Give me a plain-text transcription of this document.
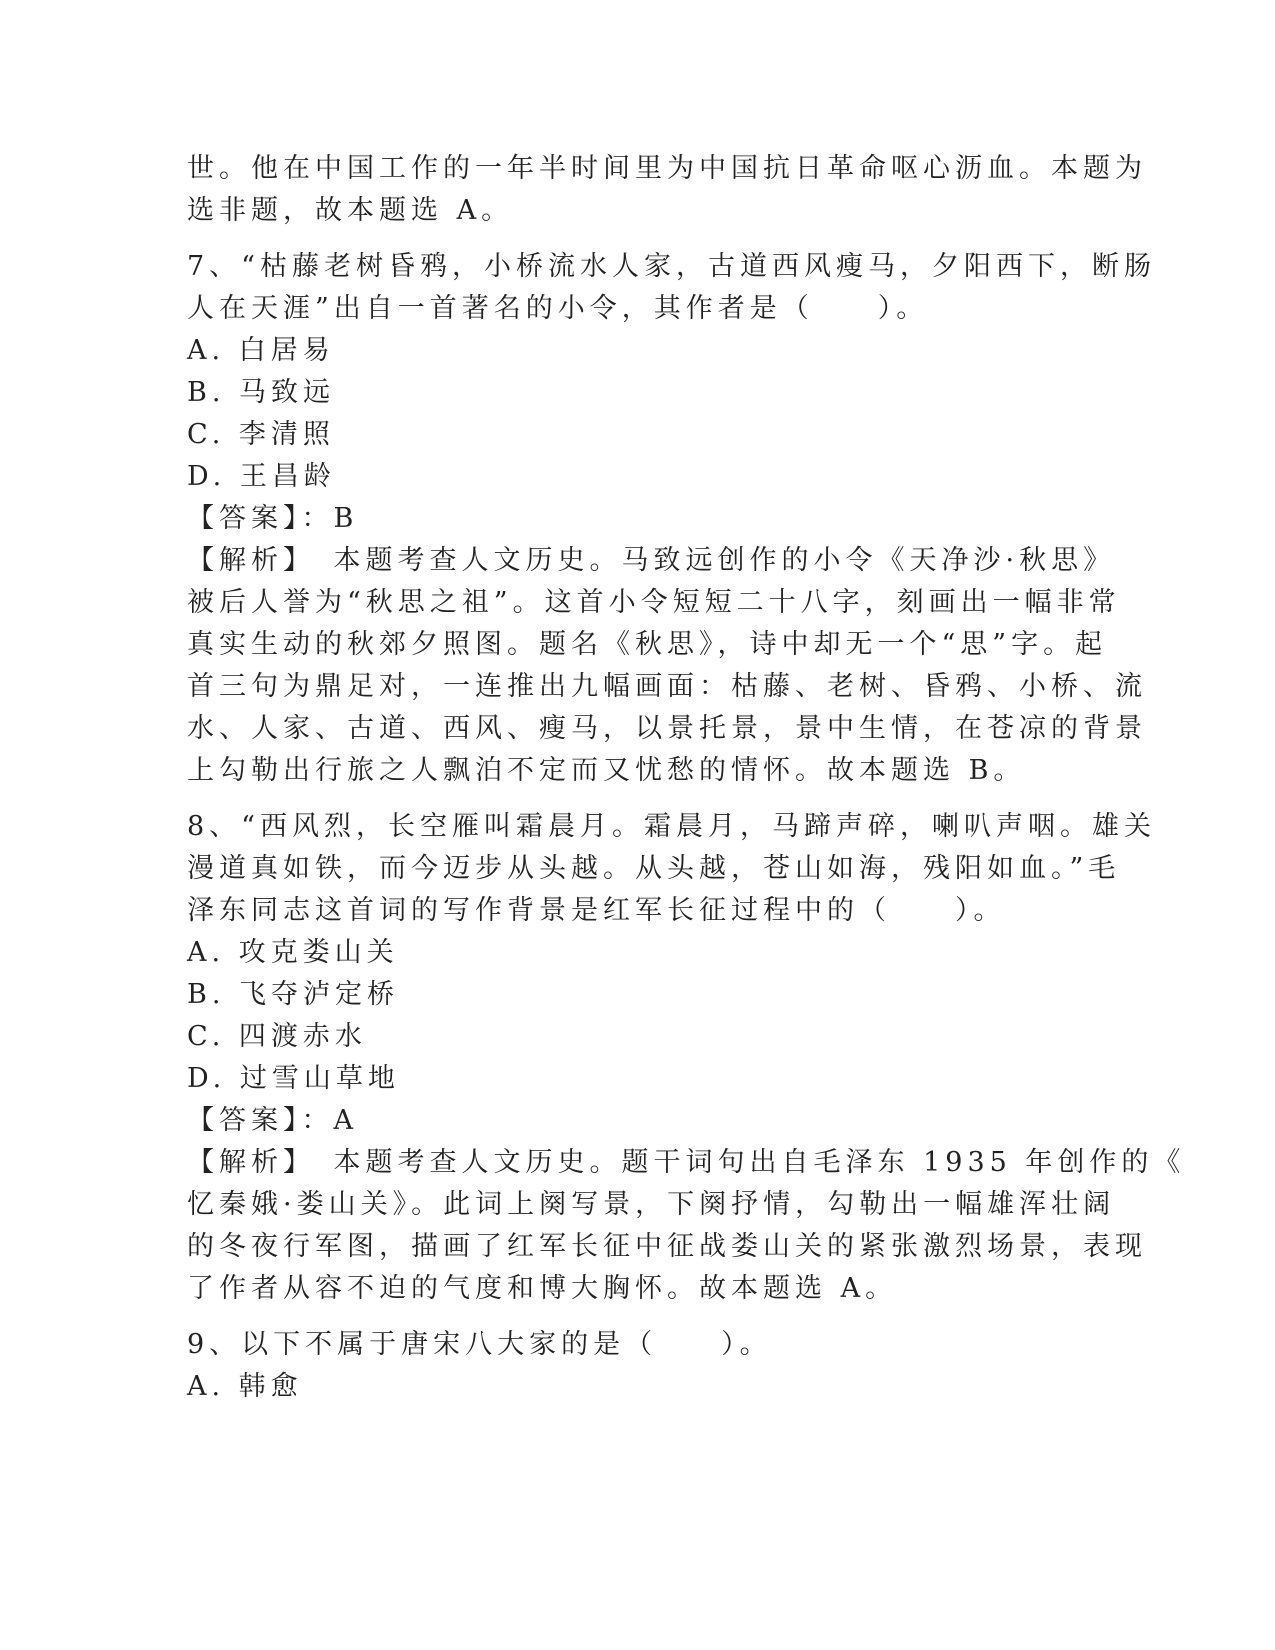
世。他在中国工作的一年半时间里为中国抗日革命呕心沥血。本题为

选非题，故本题选 A。

7、“枯藤老树昏鸦，小桥流水人家，古道西风瘦马，夕阳西下，断肠

人在天涯”出自一首著名的小令，其作者是（　　）。

A. 白居易

B. 马致远

C. 李清照

D. 王昌龄

【答案】：B

【解析】　本题考查人文历史。马致远创作的小令《天净沙·秋思》

被后人誉为“秋思之祖”。这首小令短短二十八字，刻画出一幅非常

真实生动的秋郊夕照图。题名《秋思》，诗中却无一个“思”字。起

首三句为鼎足对，一连推出九幅画面：枯藤、老树、昏鸦、小桥、流

水、人家、古道、西风、瘦马，以景托景，景中生情，在苍凉的背景

上勾勒出行旅之人飘泊不定而又忧愁的情怀。故本题选 B。

8、“西风烈，长空雁叫霜晨月。霜晨月，马蹄声碎，喇叭声咽。雄关

漫道真如铁，而今迈步从头越。从头越，苍山如海，残阳如血。”毛

泽东同志这首词的写作背景是红军长征过程中的（　　）。

A. 攻克娄山关

B. 飞夺泸定桥

C. 四渡赤水

D. 过雪山草地

【答案】：A

【解析】　本题考查人文历史。题干词句出自毛泽东 1935 年创作的《

忆秦娥·娄山关》。此词上阕写景，下阕抒情，勾勒出一幅雄浑壮阔

的冬夜行军图，描画了红军长征中征战娄山关的紧张激烈场景，表现

了作者从容不迫的气度和博大胸怀。故本题选 A。

9、以下不属于唐宋八大家的是（　　）。

A. 韩愈
